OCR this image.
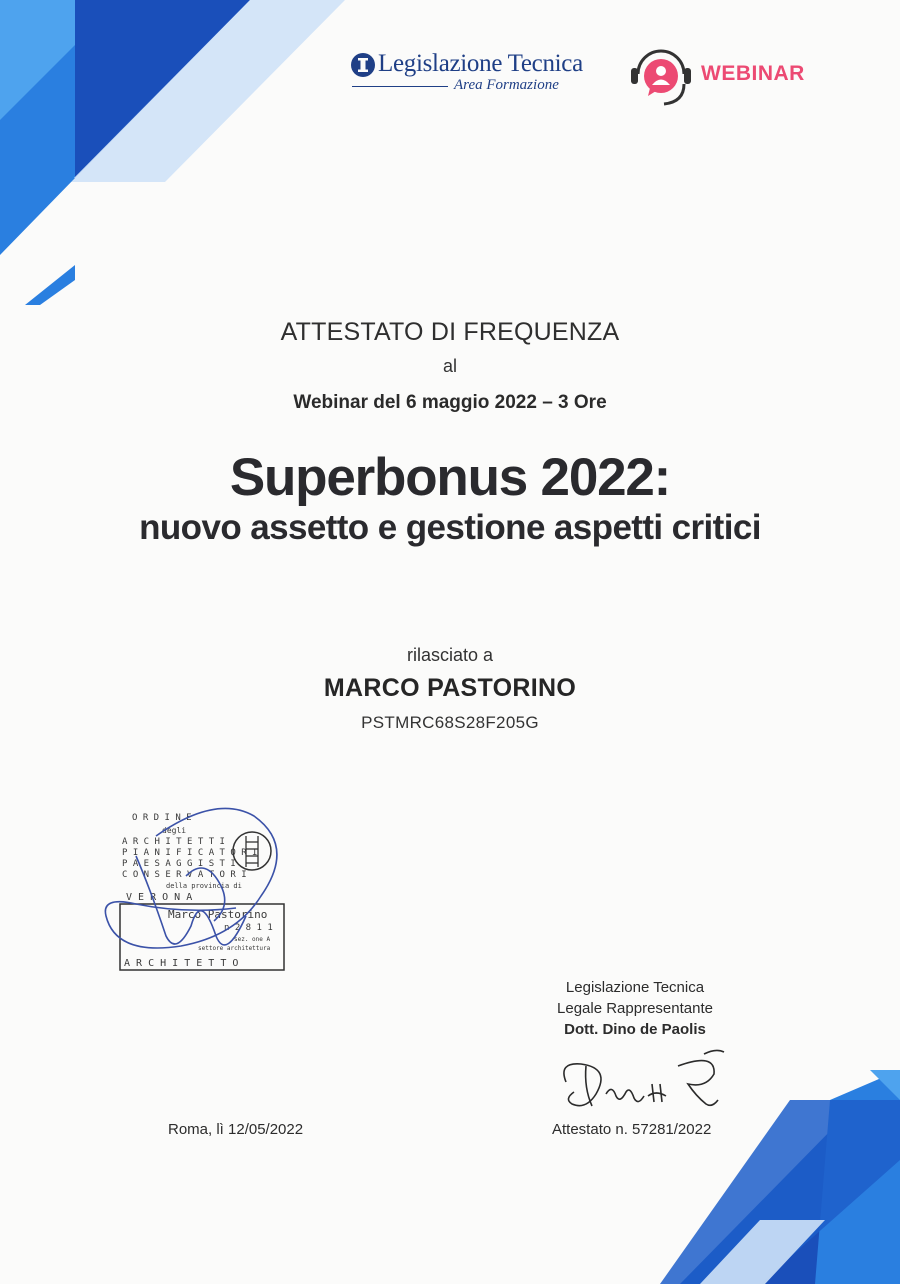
Legislazione Tecnica
Area Formazione	WEBINAR
ATTESTATO DI FREQUENZA
al
Webinar del 6 maggio 2022 – 3 Ore
Superbonus 2022:
nuovo assetto e gestione aspetti critici
rilasciato a
MARCO PASTORINO
PSTMRC68S28F205G
O R D I N E
degli
A R C H I T E T T I
P I A N I F I C A T O R I
P A E S A G G I S T I
C O N S E R V A T O R I
della provincia di
V E R O N A
Marco Pastorino
n 2 8 1 1
sez. one A
settore architettura
A R C H I T E T T O
Legislazione Tecnica
Legale Rappresentante
Dott. Dino de Paolis
Roma, lì 12/05/2022	Attestato n. 57281/2022
